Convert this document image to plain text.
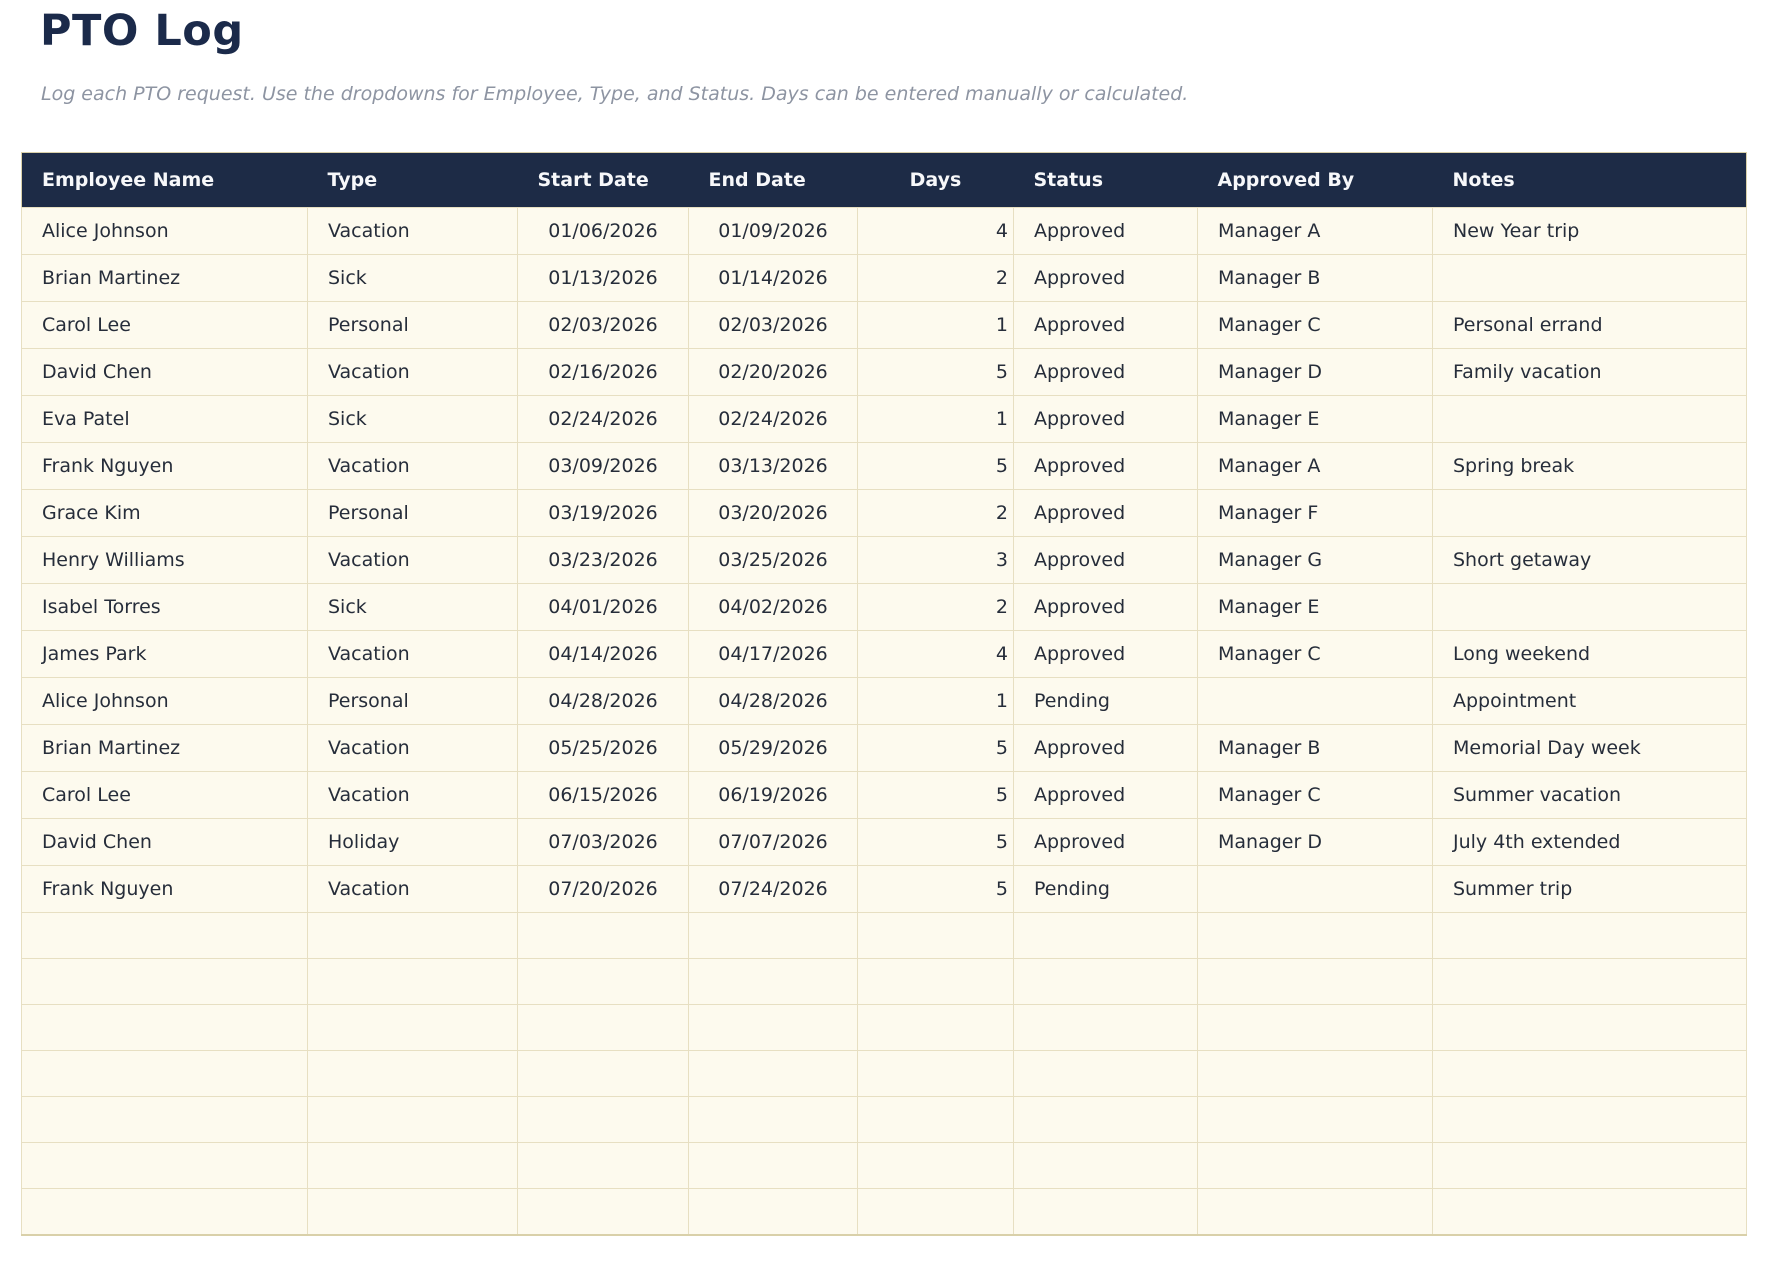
PTO Log

Log each PTO request. Use the dropdowns for Employee, Type, and Status. Days can be entered manually or calculated.

Employee Name	Type	Start Date	End Date	Days	Status	Approved By	Notes
Alice Johnson	Vacation	01/06/2026	01/09/2026	4	Approved	Manager A	New Year trip
Brian Martinez	Sick	01/13/2026	01/14/2026	2	Approved	Manager B	
Carol Lee	Personal	02/03/2026	02/03/2026	1	Approved	Manager C	Personal errand
David Chen	Vacation	02/16/2026	02/20/2026	5	Approved	Manager D	Family vacation
Eva Patel	Sick	02/24/2026	02/24/2026	1	Approved	Manager E	
Frank Nguyen	Vacation	03/09/2026	03/13/2026	5	Approved	Manager A	Spring break
Grace Kim	Personal	03/19/2026	03/20/2026	2	Approved	Manager F	
Henry Williams	Vacation	03/23/2026	03/25/2026	3	Approved	Manager G	Short getaway
Isabel Torres	Sick	04/01/2026	04/02/2026	2	Approved	Manager E	
James Park	Vacation	04/14/2026	04/17/2026	4	Approved	Manager C	Long weekend
Alice Johnson	Personal	04/28/2026	04/28/2026	1	Pending		Appointment
Brian Martinez	Vacation	05/25/2026	05/29/2026	5	Approved	Manager B	Memorial Day week
Carol Lee	Vacation	06/15/2026	06/19/2026	5	Approved	Manager C	Summer vacation
David Chen	Holiday	07/03/2026	07/07/2026	5	Approved	Manager D	July 4th extended
Frank Nguyen	Vacation	07/20/2026	07/24/2026	5	Pending		Summer trip
